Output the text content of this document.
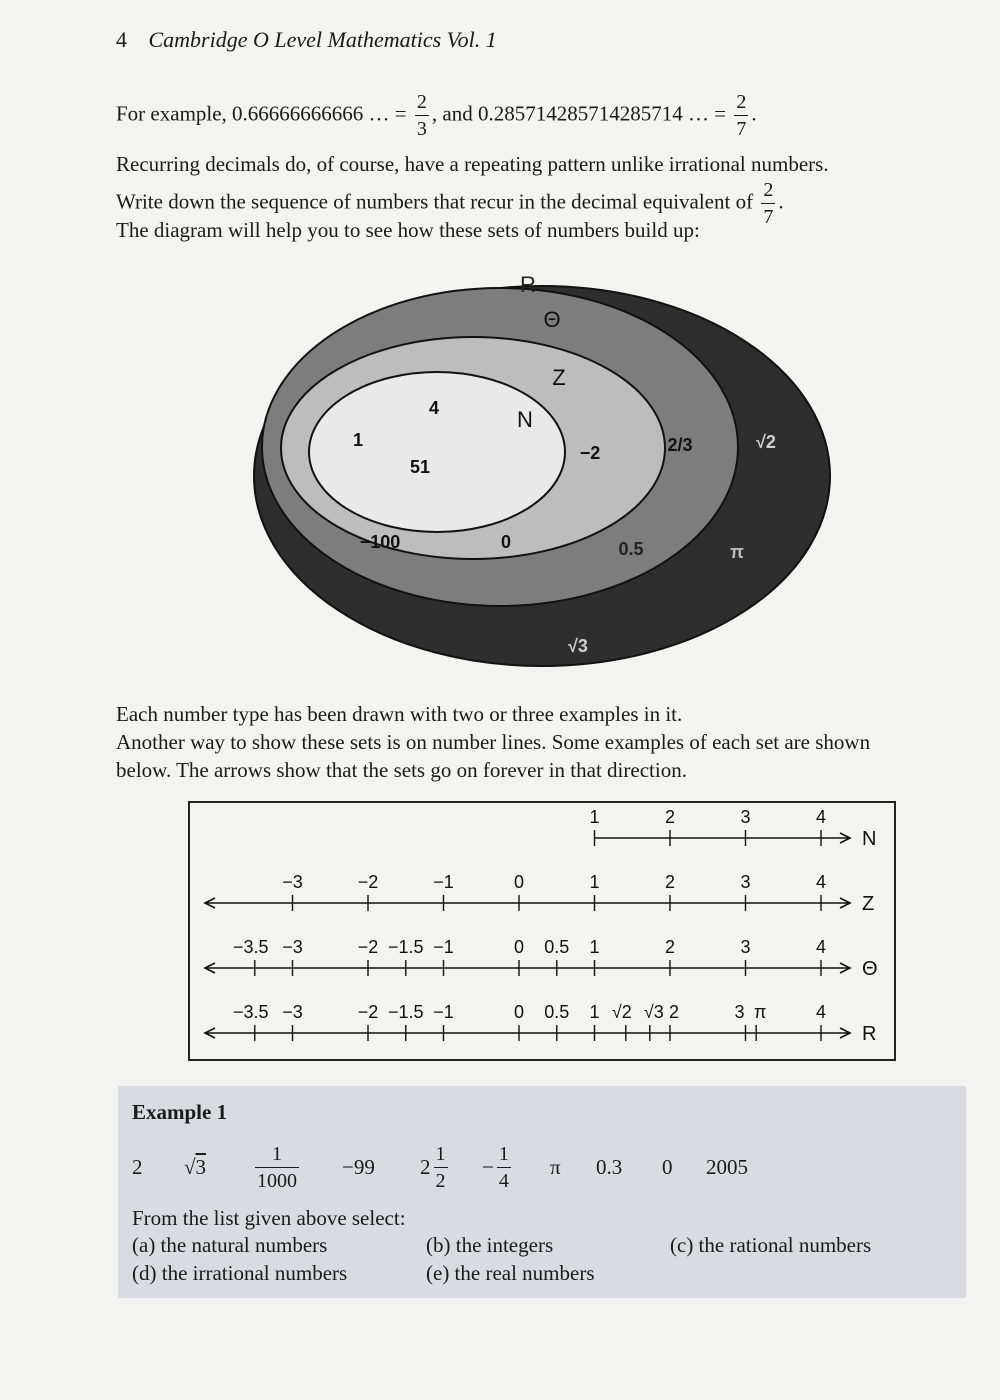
4 Cambridge O Level Mathematics Vol. 1
For example, 0.66666666666 … = $\frac{2}{3}$ , and 0.285714285714285714 … = $\frac{2}{7}$ .
Recurring decimals do, of course, have a repeating pattern unlike irrational numbers.
Write down the sequence of numbers that recur in the decimal equivalent of $\frac{2}{7}$ .
The diagram will help you to see how these sets of numbers build up:
R
Θ
Z
N
4
1
51
−2
−100	0
2/3
0.5
√2
π
√3
Each number type has been drawn with two or three examples in it.
Another way to show these sets is on number lines. Some examples of each set are shown
below. The arrows show that the sets go on forever in that direction.
N
1	2	3	4
Z
−3	−2	−1	0	1	2	3	4
Θ
−3.5 −3	−2 −1.5 −1	0 0.5 1	2	3	4
R
−3.5 −3	−2 −1.5 −1	0 0.5 1 √2 √3 2	3 π	4
Example 1
2 $√3 \frac{1}{1000} -99$ $2 \frac{1}{2} - \frac{1}{4}$ π 0.3 0 2005
From the list given above select:
(a) the natural numbers	(b) the integers	(c) the rational numbers
(d) the irrational numbers	(e) the real numbers
